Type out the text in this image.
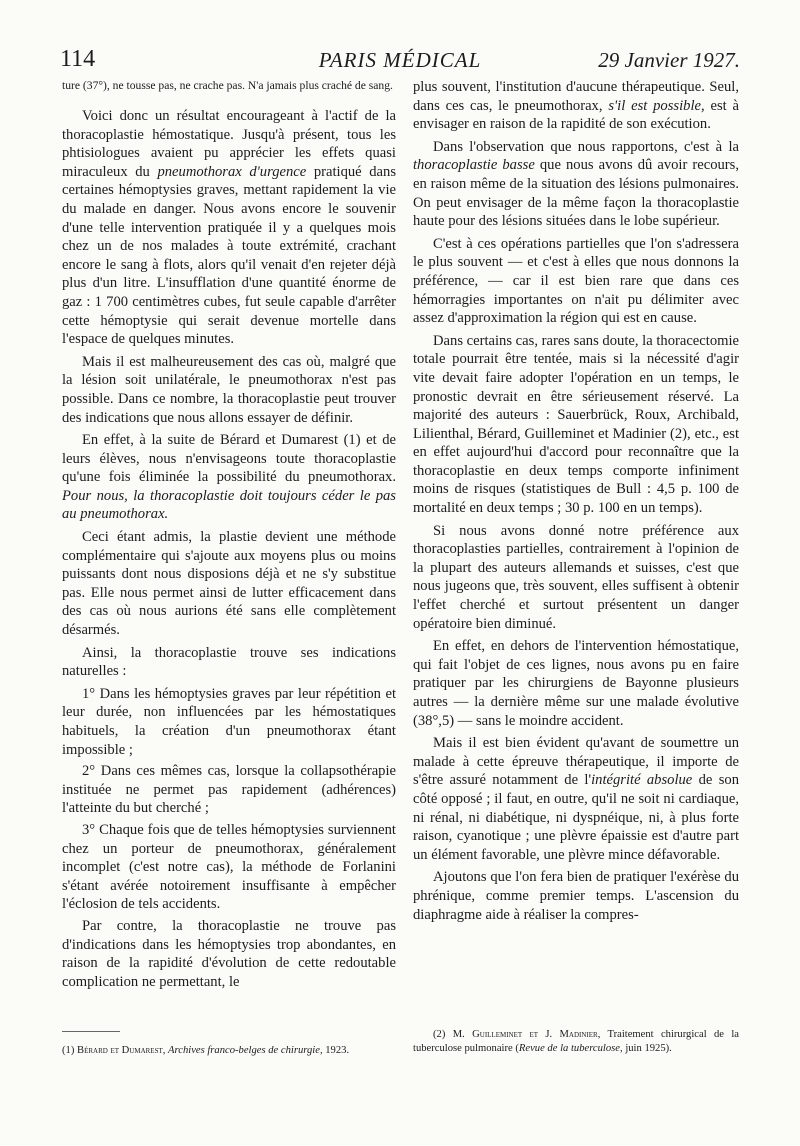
114	PARIS MÉDICAL	29 Janvier 1927.

ture (37°), ne tousse pas, ne crache pas. N'a jamais plus craché de sang.

Voici donc un résultat encourageant à l'actif de la thoracoplastie hémostatique. Jusqu'à présent, tous les phtisiologues avaient pu apprécier les effets quasi miraculeux du pneumothorax d'urgence pratiqué dans certaines hémoptysies graves, mettant rapidement la vie du malade en danger. Nous avons encore le souvenir d'une telle intervention pratiquée il y a quelques mois chez un de nos malades à toute extrémité, crachant encore le sang à flots, alors qu'il venait d'en rejeter déjà plus d'un litre. L'insufflation d'une quantité énorme de gaz : 1 700 centimètres cubes, fut seule capable d'arrêter cette hémoptysie qui serait devenue mortelle dans l'espace de quelques minutes.

Mais il est malheureusement des cas où, malgré que la lésion soit unilatérale, le pneumothorax n'est pas possible. Dans ce nombre, la thoracoplastie peut trouver des indications que nous allons essayer de définir.

En effet, à la suite de Bérard et Dumarest (1) et de leurs élèves, nous n'envisageons toute thoracoplastie qu'une fois éliminée la possibilité du pneumothorax. Pour nous, la thoracoplastie doit toujours céder le pas au pneumothorax.

Ceci étant admis, la plastie devient une méthode complémentaire qui s'ajoute aux moyens plus ou moins puissants dont nous disposions déjà et ne s'y substitue pas. Elle nous permet ainsi de lutter efficacement dans des cas où nous aurions été sans elle complètement désarmés.

Ainsi, la thoracoplastie trouve ses indications naturelles :

1° Dans les hémoptysies graves par leur répétition et leur durée, non influencées par les hémostatiques habituels, la création d'un pneumothorax étant impossible ;

2° Dans ces mêmes cas, lorsque la collapsothérapie instituée ne permet pas rapidement (adhérences) l'atteinte du but cherché ;

3° Chaque fois que de telles hémoptysies surviennent chez un porteur de pneumothorax, généralement incomplet (c'est notre cas), la méthode de Forlanini s'étant avérée notoirement insuffisante à empêcher l'éclosion de tels accidents.

Par contre, la thoracoplastie ne trouve pas d'indications dans les hémoptysies trop abondantes, en raison de la rapidité d'évolution de cette redoutable complication ne permettant, le

plus souvent, l'institution d'aucune thérapeutique. Seul, dans ces cas, le pneumothorax, s'il est possible, est à envisager en raison de la rapidité de son exécution.

Dans l'observation que nous rapportons, c'est à la thoracoplastie basse que nous avons dû avoir recours, en raison même de la situation des lésions pulmonaires. On peut envisager de la même façon la thoracoplastie haute pour des lésions situées dans le lobe supérieur.

C'est à ces opérations partielles que l'on s'adressera le plus souvent — et c'est à elles que nous donnons la préférence, — car il est bien rare que dans ces hémorragies importantes on n'ait pu délimiter avec assez d'approximation la région qui est en cause.

Dans certains cas, rares sans doute, la thoracectomie totale pourrait être tentée, mais si la nécessité d'agir vite devait faire adopter l'opération en un temps, le pronostic devrait en être sérieusement réservé. La majorité des auteurs : Sauerbrück, Roux, Archibald, Lilienthal, Bérard, Guilleminet et Madinier (2), etc., est en effet aujourd'hui d'accord pour reconnaître que la thoracoplastie en deux temps comporte infiniment moins de risques (statistiques de Bull : 4,5 p. 100 de mortalité en deux temps ; 30 p. 100 en un temps).

Si nous avons donné notre préférence aux thoracoplasties partielles, contrairement à l'opinion de la plupart des auteurs allemands et suisses, c'est que nous jugeons que, très souvent, elles suffisent à obtenir l'effet cherché et surtout présentent un danger opératoire bien diminué.

En effet, en dehors de l'intervention hémostatique, qui fait l'objet de ces lignes, nous avons pu en faire pratiquer par les chirurgiens de Bayonne plusieurs autres — la dernière même sur une malade évolutive (38°,5) — sans le moindre accident.

Mais il est bien évident qu'avant de soumettre un malade à cette épreuve thérapeutique, il importe de s'être assuré notamment de l'intégrité absolue de son côté opposé ; il faut, en outre, qu'il ne soit ni cardiaque, ni rénal, ni diabétique, ni dyspnéique, ni, à plus forte raison, cyanotique ; une plèvre épaissie est d'autre part un élément favorable, une plèvre mince défavorable.

Ajoutons que l'on fera bien de pratiquer l'exérèse du phrénique, comme premier temps. L'ascension du diaphragme aide à réaliser la compres-

(1) Bérard et Dumarest, Archives franco-belges de chirurgie, 1923.
(2) M. Guilleminet et J. Madinier, Traitement chirurgical de la tuberculose pulmonaire (Revue de la tuberculose, juin 1925).
